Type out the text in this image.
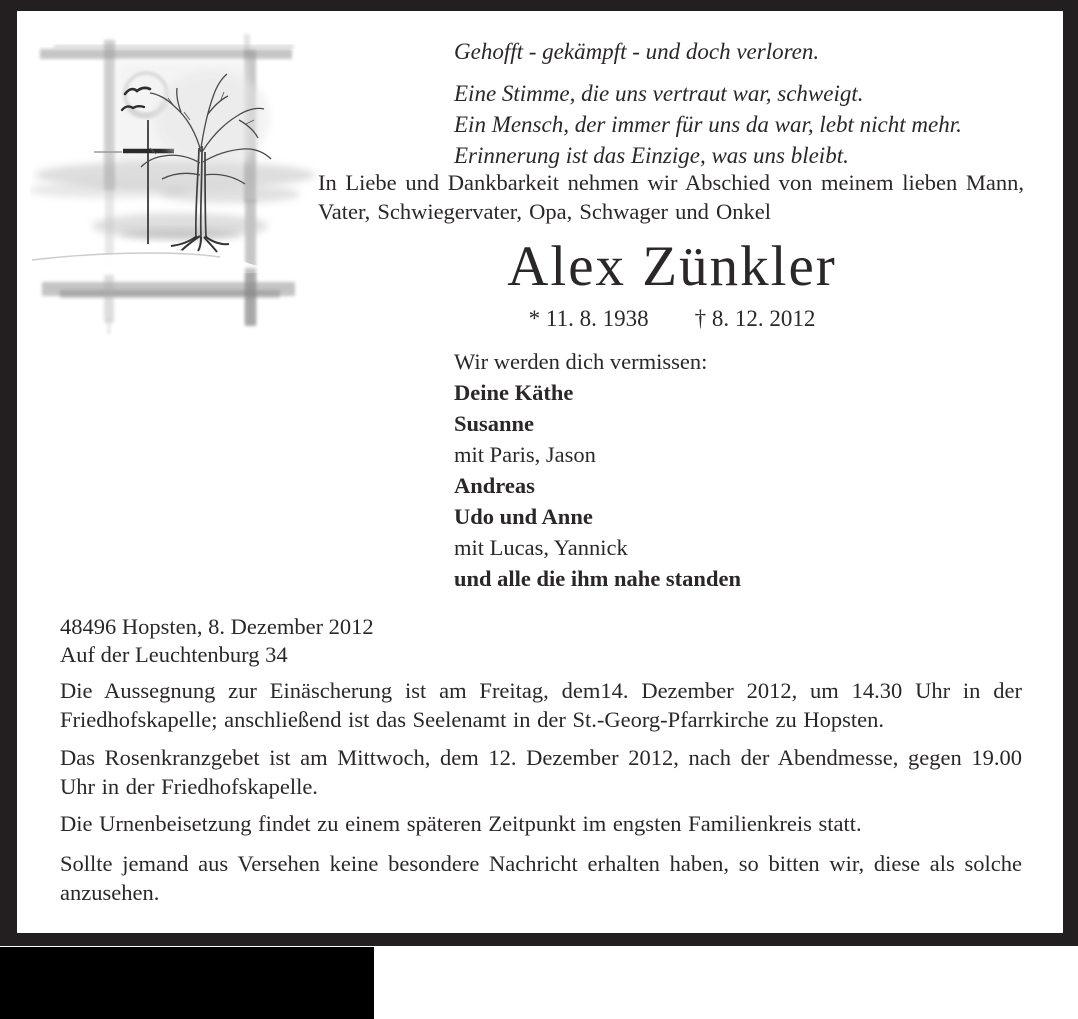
Gehofft - gekämpft - und doch verloren.
Eine Stimme, die uns vertraut war, schweigt.
Ein Mensch, der immer für uns da war, lebt nicht mehr.
Erinnerung ist das Einzige, was uns bleibt.
In Liebe und Dankbarkeit nehmen wir Abschied von meinem lieben Mann, Vater, Schwiegervater, Opa, Schwager und Onkel
Alex Zünkler
* 11. 8. 1938 † 8. 12. 2012
Wir werden dich vermissen:
Deine Käthe
Susanne
mit Paris, Jason
Andreas
Udo und Anne
mit Lucas, Yannick
und alle die ihm nahe standen
48496 Hopsten, 8. Dezember 2012
Auf der Leuchtenburg 34
Die Aussegnung zur Einäscherung ist am Freitag, dem14. Dezember 2012, um 14.30 Uhr in der Friedhofskapelle; anschließend ist das Seelenamt in der St.-Georg-Pfarrkirche zu Hopsten.
Das Rosenkranzgebet ist am Mittwoch, dem 12. Dezember 2012, nach der Abendmesse, gegen 19.00 Uhr in der Friedhofskapelle.
Die Urnenbeisetzung findet zu einem späteren Zeitpunkt im engsten Familienkreis statt.
Sollte jemand aus Versehen keine besondere Nachricht erhalten haben, so bitten wir, diese als solche anzusehen.
